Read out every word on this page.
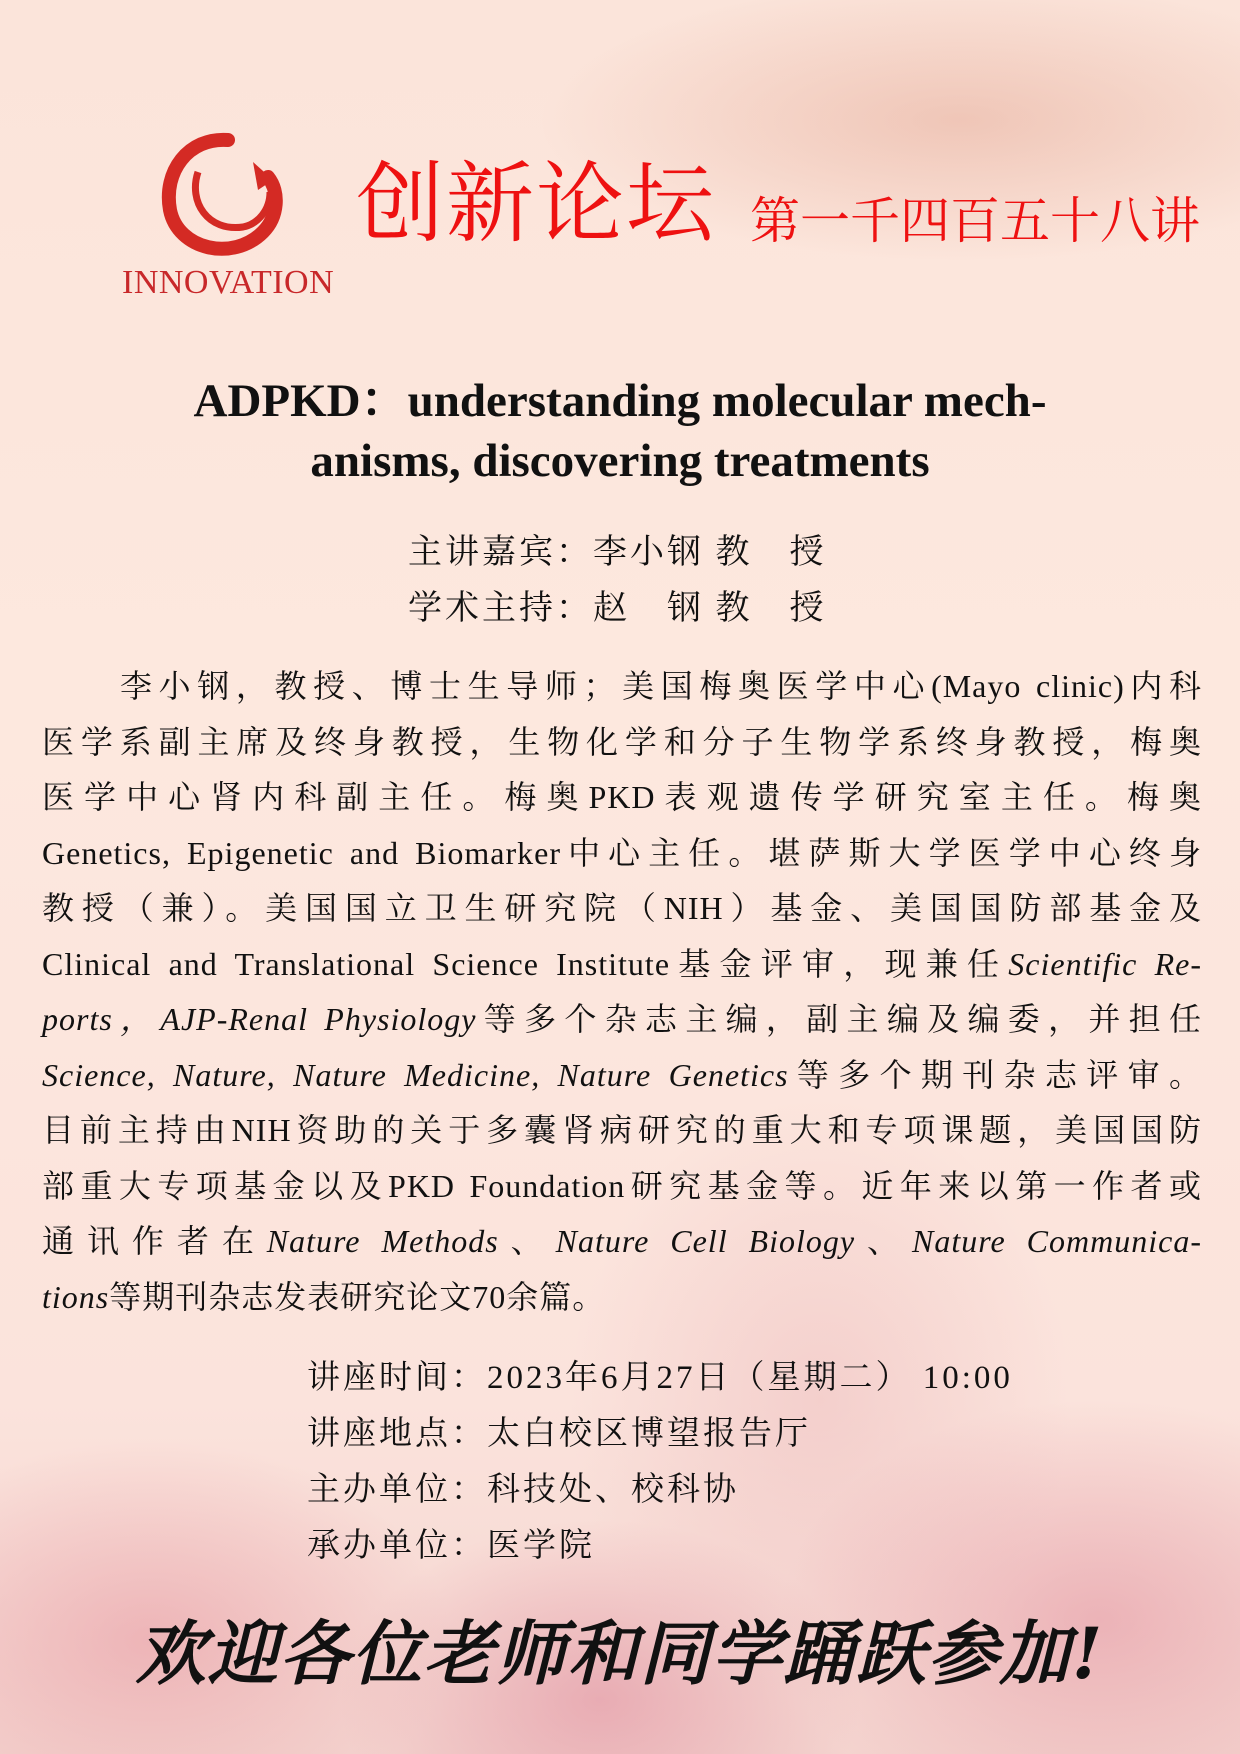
INNOVATION
创新论坛 第一千四百五十八讲
ADPKD：understanding molecular mech-
anisms, discovering treatments
主讲嘉宾：李小钢 教　授
学术主持：赵　钢 教　授
李小钢，教授、博士生导师；美国梅奥医学中心(Mayo clinic)内科
医学系副主席及终身教授，生物化学和分子生物学系终身教授，梅奥
医学中心肾内科副主任。梅奥PKD表观遗传学研究室主任。梅奥
Genetics, Epigenetic and Biomarker中心主任。堪萨斯大学医学中心终身
教授（兼）。美国国立卫生研究院（NIH）基金、美国国防部基金及
Clinical and Translational Science Institute基金评审，现兼任Scientific Re-
ports，AJP-Renal Physiology等多个杂志主编，副主编及编委，并担任
Science, Nature, Nature Medicine, Nature Genetics等多个期刊杂志评审。
目前主持由NIH资助的关于多囊肾病研究的重大和专项课题，美国国防
部重大专项基金以及PKD Foundation研究基金等。近年来以第一作者或
通讯作者在Nature Methods、Nature Cell Biology、Nature Communica-
tions等期刊杂志发表研究论文70余篇。
讲座时间：2023年6月27日（星期二） 10:00
讲座地点：太白校区博望报告厅
主办单位：科技处、校科协
承办单位：医学院
欢迎各位老师和同学踊跃参加!
